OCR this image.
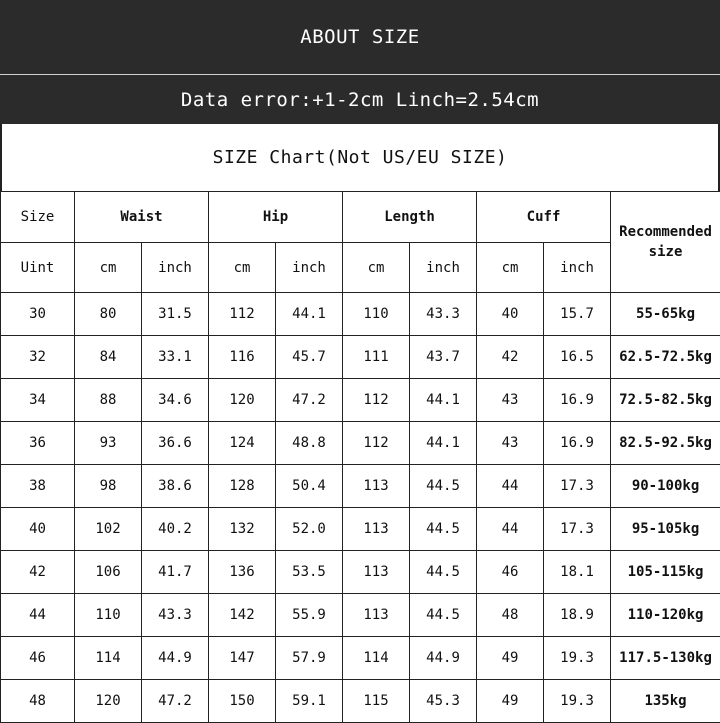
ABOUT SIZE
Data error:+1-2cm Linch=2.54cm
SIZE Chart(Not US/EU SIZE)
Size	Waist		Hip		Length		Cuff		Recommended size
Uint	cm	inch	cm	inch	cm	inch	cm	inch	
30	80	31.5	112	44.1	110	43.3	40	15.7	55-65kg
32	84	33.1	116	45.7	111	43.7	42	16.5	62.5-72.5kg
34	88	34.6	120	47.2	112	44.1	43	16.9	72.5-82.5kg
36	93	36.6	124	48.8	112	44.1	43	16.9	82.5-92.5kg
38	98	38.6	128	50.4	113	44.5	44	17.3	90-100kg
40	102	40.2	132	52.0	113	44.5	44	17.3	95-105kg
42	106	41.7	136	53.5	113	44.5	46	18.1	105-115kg
44	110	43.3	142	55.9	113	44.5	48	18.9	110-120kg
46	114	44.9	147	57.9	114	44.9	49	19.3	117.5-130kg
48	120	47.2	150	59.1	115	45.3	49	19.3	135kg
